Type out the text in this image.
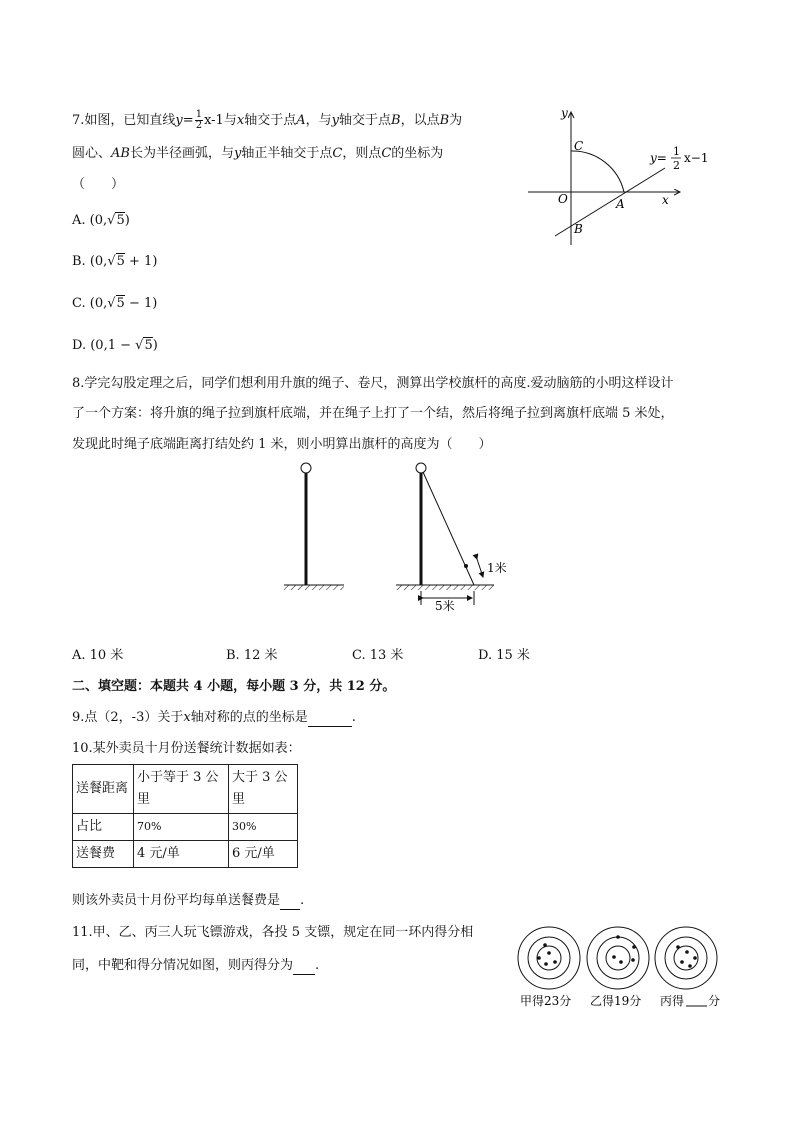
7.如图，已知直线$y= \frac{1}{2} x-1$与x轴交于点A，与y轴交于点B，以点B为
圆心、AB长为半径画弧，与y轴正半轴交于点C，则点C的坐标为
（　　）
A. (0,√5)
B. (0,√5 + 1)
C. (0,√5 − 1)
D. (0,1 − √5)
y
x
O	A
B
C
y= 1
2
x−1
8.学完勾股定理之后，同学们想利用升旗的绳子、卷尺，测算出学校旗杆的高度.爱动脑筋的小明这样设计
了一个方案：将升旗的绳子拉到旗杆底端，并在绳子上打了一个结，然后将绳子拉到离旗杆底端 5 米处，
发现此时绳子底端距离打结处约 1 米，则小明算出旗杆的高度为（　　）
1米
5米
A. 10 米	B. 12 米	C. 13 米	D. 15 米
二、填空题：本题共 4 小题，每小题 3 分，共 12 分。
9.点（2，-3）关于x轴对称的点的坐标是	.
10.某外卖员十月份送餐统计数据如表：
送餐距离	小于等于 3 公里	大于 3 公里
占比	70%	30%
送餐费	4 元/单	6 元/单
则该外卖员十月份平均每单送餐费是 .
11.甲、乙、丙三人玩飞镖游戏，各投 5 支镖，规定在同一环内得分相
同，中靶和得分情况如图，则丙得分为 .
甲得23分 乙得19分 丙得 分
